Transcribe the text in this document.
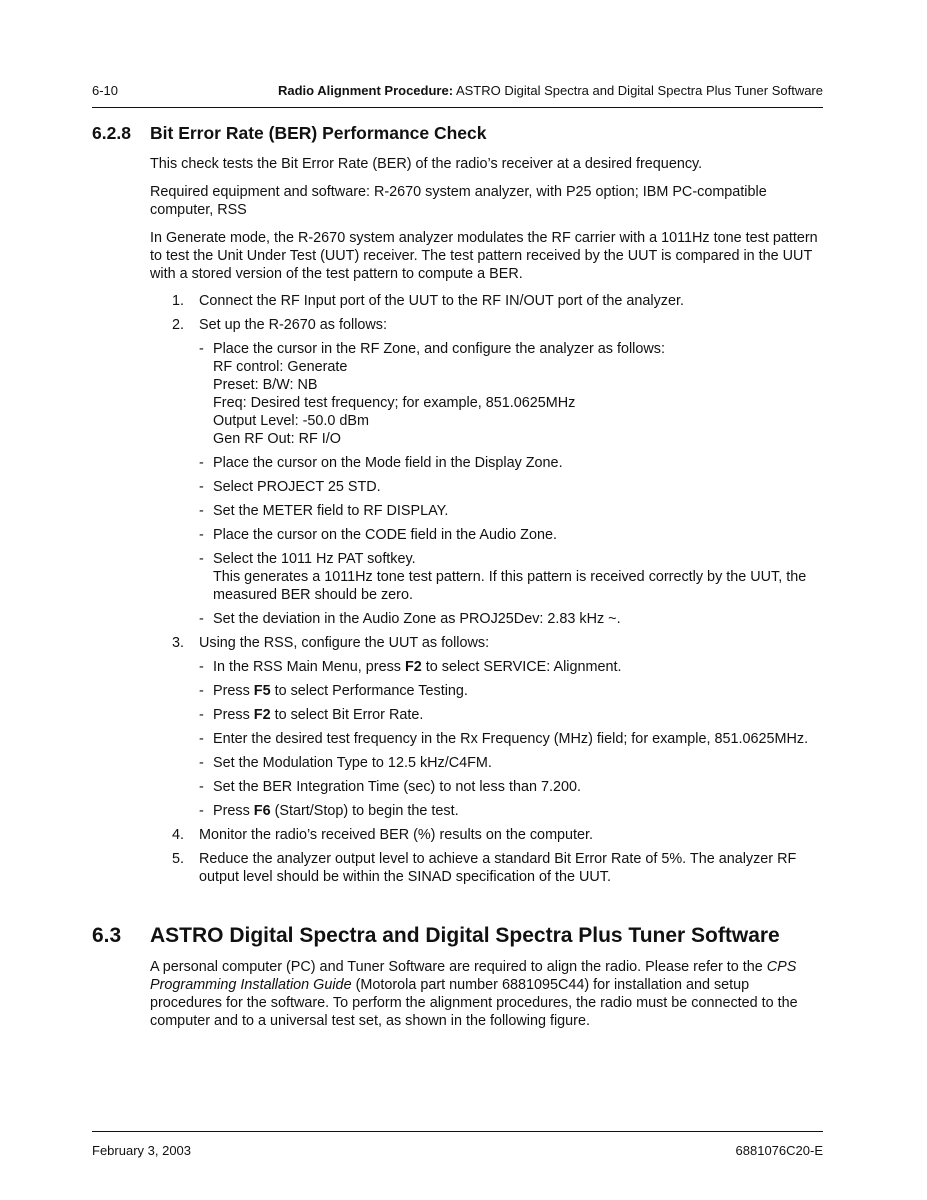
6-10	Radio Alignment Procedure: ASTRO Digital Spectra and Digital Spectra Plus Tuner Software
6.2.8 Bit Error Rate (BER) Performance Check

This check tests the Bit Error Rate (BER) of the radio’s receiver at a desired frequency.

Required equipment and software: R-2670 system analyzer, with P25 option; IBM PC-compatible computer, RSS

In Generate mode, the R-2670 system analyzer modulates the RF carrier with a 1011Hz tone test pattern to test the Unit Under Test (UUT) receiver. The test pattern received by the UUT is compared in the UUT with a stored version of the test pattern to compute a BER.

1. Connect the RF Input port of the UUT to the RF IN/OUT port of the analyzer.
2. Set up the R-2670 as follows:
- Place the cursor in the RF Zone, and configure the analyzer as follows:
RF control: Generate
Preset: B/W: NB
Freq: Desired test frequency; for example, 851.0625MHz
Output Level: -50.0 dBm
Gen RF Out: RF I/O
- Place the cursor on the Mode field in the Display Zone.
- Select PROJECT 25 STD.
- Set the METER field to RF DISPLAY.
- Place the cursor on the CODE field in the Audio Zone.
- Select the 1011 Hz PAT softkey.
This generates a 1011Hz tone test pattern. If this pattern is received correctly by the UUT, the measured BER should be zero.
- Set the deviation in the Audio Zone as PROJ25Dev: 2.83 kHz ~.
3. Using the RSS, configure the UUT as follows:
- In the RSS Main Menu, press F2 to select SERVICE: Alignment.
- Press F5 to select Performance Testing.
- Press F2 to select Bit Error Rate.
- Enter the desired test frequency in the Rx Frequency (MHz) field; for example, 851.0625MHz.
- Set the Modulation Type to 12.5 kHz/C4FM.
- Set the BER Integration Time (sec) to not less than 7.200.
- Press F6 (Start/Stop) to begin the test.
4. Monitor the radio’s received BER (%) results on the computer.
5. Reduce the analyzer output level to achieve a standard Bit Error Rate of 5%. The analyzer RF output level should be within the SINAD specification of the UUT.
6.3 ASTRO Digital Spectra and Digital Spectra Plus Tuner Software

A personal computer (PC) and Tuner Software are required to align the radio. Please refer to the CPS Programming Installation Guide (Motorola part number 6881095C44) for installation and setup procedures for the software. To perform the alignment procedures, the radio must be connected to the computer and to a universal test set, as shown in the following figure.

February 3, 2003	6881076C20-E
